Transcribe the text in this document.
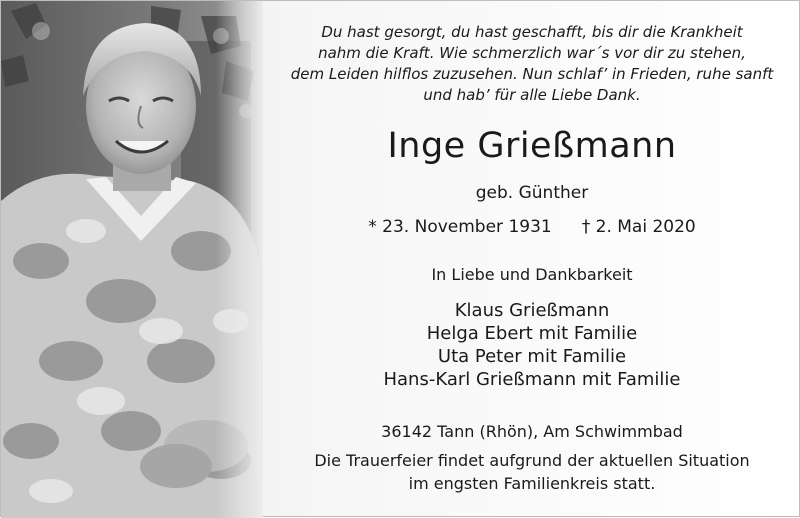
Du hast gesorgt, du hast geschafft, bis dir die Krankheit
nahm die Kraft. Wie schmerzlich war´s vor dir zu stehen,
dem Leiden hilflos zuzusehen. Nun schlaf’ in Frieden, ruhe sanft
und hab’ für alle Liebe Dank.
Inge Grießmann
geb. Günther
* 23. November 1931 † 2. Mai 2020
In Liebe und Dankbarkeit
Klaus Grießmann
Helga Ebert mit Familie
Uta Peter mit Familie
Hans-Karl Grießmann mit Familie
36142 Tann (Rhön), Am Schwimmbad
Die Trauerfeier findet aufgrund der aktuellen Situation
im engsten Familienkreis statt.
